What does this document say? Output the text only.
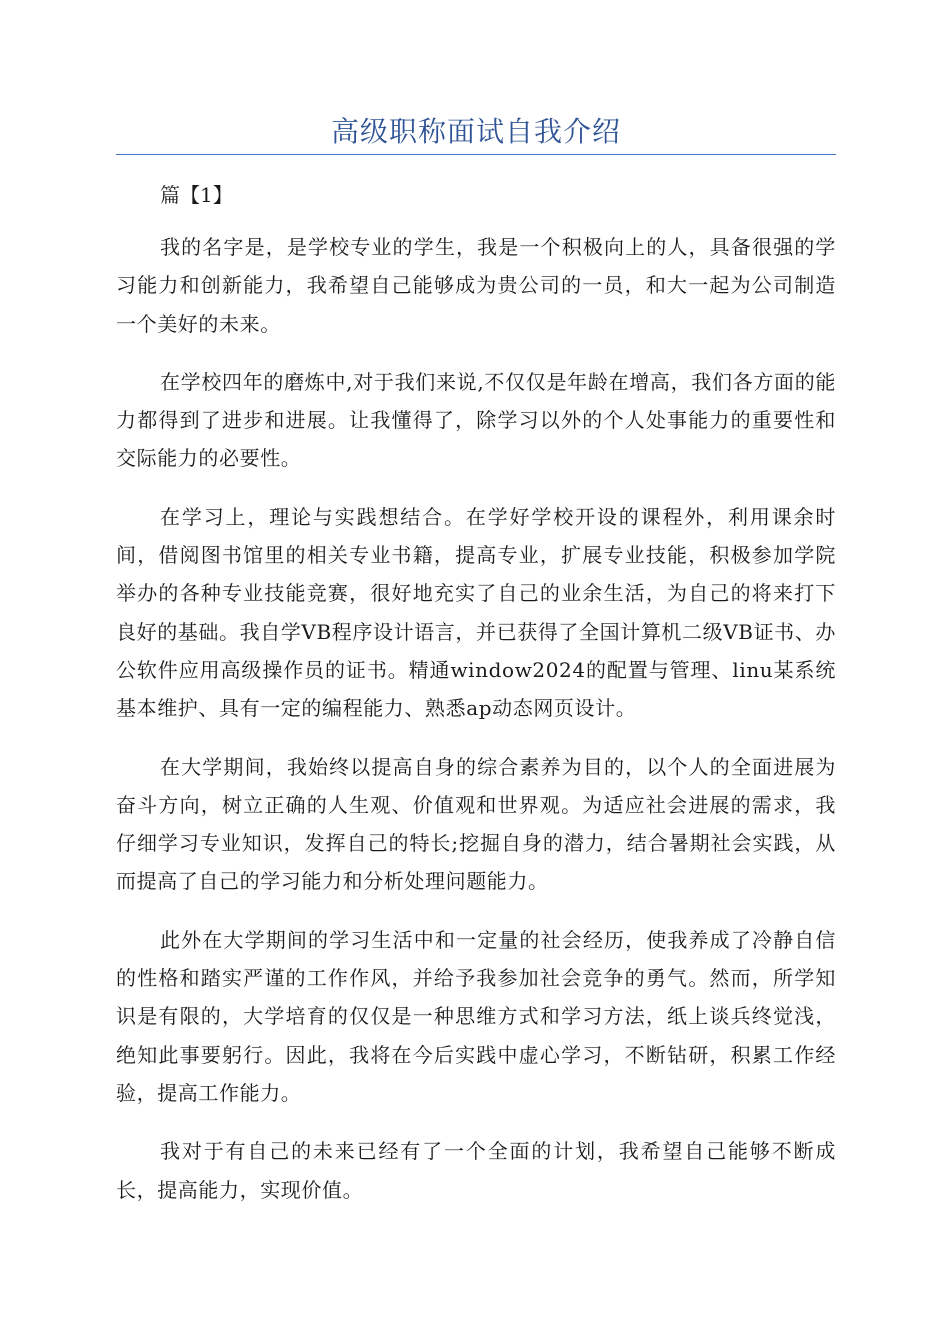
高级职称面试自我介绍

篇【1】

我的名字是，是学校专业的学生，我是一个积极向上的人，具备很强的学习能力和创新能力，我希望自己能够成为贵公司的一员，和大一起为公司制造一个美好的未来。

在学校四年的磨炼中,对于我们来说,不仅仅是年龄在增高，我们各方面的能力都得到了进步和进展。让我懂得了，除学习以外的个人处事能力的重要性和交际能力的必要性。

在学习上，理论与实践想结合。在学好学校开设的课程外，利用课余时间，借阅图书馆里的相关专业书籍，提高专业，扩展专业技能，积极参加学院举办的各种专业技能竞赛，很好地充实了自己的业余生活，为自己的将来打下良好的基础。我自学VB程序设计语言，并已获得了全国计算机二级VB证书、办公软件应用高级操作员的证书。精通window2024的配置与管理、linu某系统基本维护、具有一定的编程能力、熟悉ap动态网页设计。

在大学期间，我始终以提高自身的综合素养为目的，以个人的全面进展为奋斗方向，树立正确的人生观、价值观和世界观。为适应社会进展的需求，我仔细学习专业知识，发挥自己的特长;挖掘自身的潜力，结合暑期社会实践，从而提高了自己的学习能力和分析处理问题能力。

此外在大学期间的学习生活中和一定量的社会经历，使我养成了冷静自信的性格和踏实严谨的工作作风，并给予我参加社会竞争的勇气。然而，所学知识是有限的，大学培育的仅仅是一种思维方式和学习方法，纸上谈兵终觉浅，绝知此事要躬行。因此，我将在今后实践中虚心学习，不断钻研，积累工作经验，提高工作能力。

我对于有自己的未来已经有了一个全面的计划，我希望自己能够不断成长，提高能力，实现价值。
